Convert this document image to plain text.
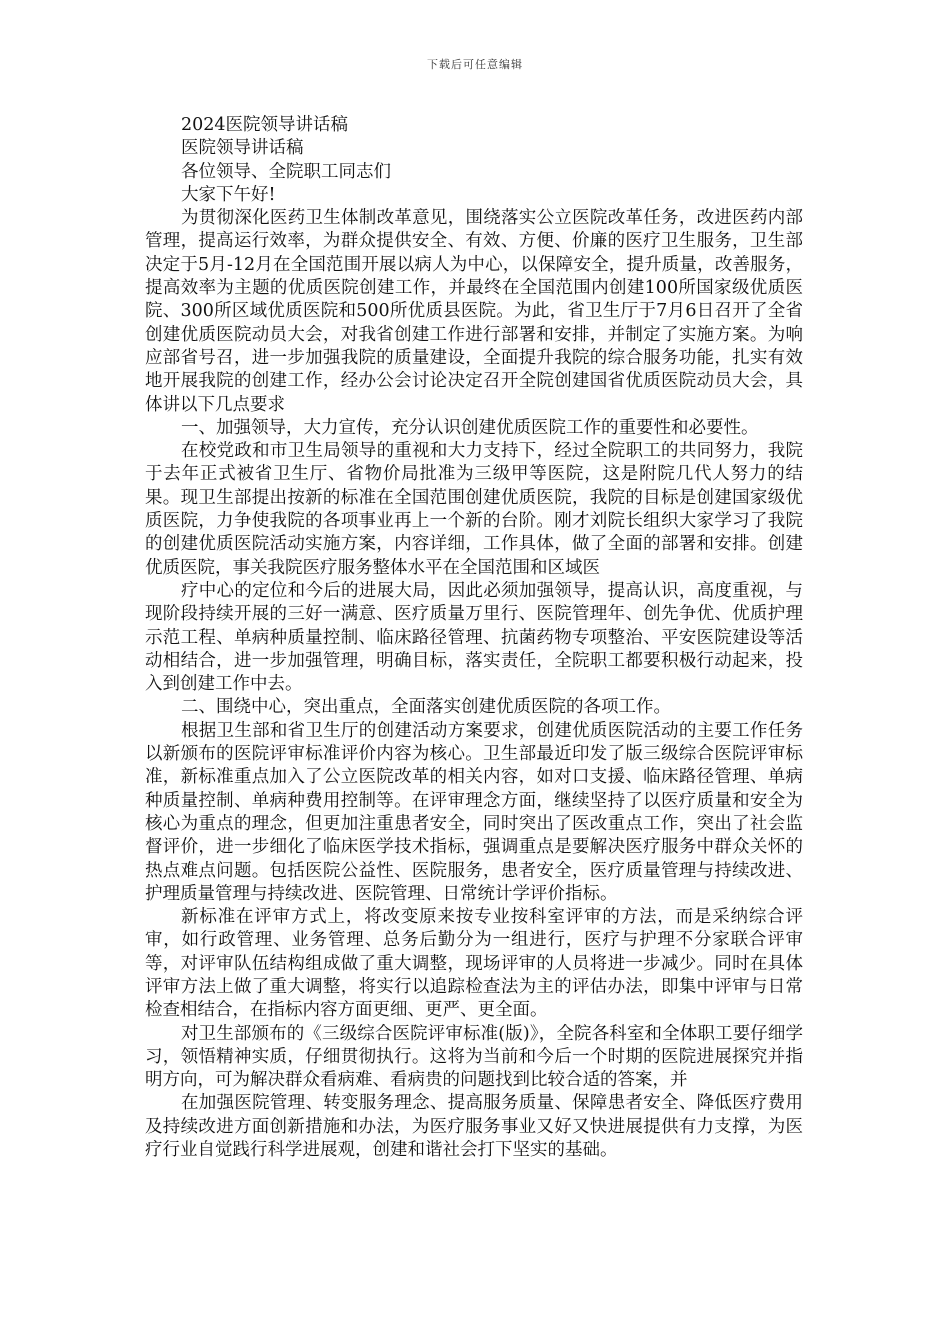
下载后可任意编辑
2024医院领导讲话稿
医院领导讲话稿
各位领导、全院职工同志们
大家下午好!

为贯彻深化医药卫生体制改革意见，围绕落实公立医院改革任务，改进医药内部管理，提高运行效率，为群众提供安全、有效、方便、价廉的医疗卫生服务，卫生部决定于5月-12月在全国范围开展以病人为中心，以保障安全，提升质量，改善服务，提高效率为主题的优质医院创建工作，并最终在全国范围内创建100所国家级优质医院、300所区域优质医院和500所优质县医院。为此，省卫生厅于7月6日召开了全省创建优质医院动员大会，对我省创建工作进行部署和安排，并制定了实施方案。为响应部省号召，进一步加强我院的质量建设，全面提升我院的综合服务功能，扎实有效地开展我院的创建工作，经办公会讨论决定召开全院创建国省优质医院动员大会，具体讲以下几点要求

一、加强领导，大力宣传，充分认识创建优质医院工作的重要性和必要性。

在校党政和市卫生局领导的重视和大力支持下，经过全院职工的共同努力，我院于去年正式被省卫生厅、省物价局批准为三级甲等医院，这是附院几代人努力的结果。现卫生部提出按新的标准在全国范围创建优质医院，我院的目标是创建国家级优质医院，力争使我院的各项事业再上一个新的台阶。刚才刘院长组织大家学习了我院的创建优质医院活动实施方案，内容详细，工作具体，做了全面的部署和安排。创建优质医院，事关我院医疗服务整体水平在全国范围和区域医

疗中心的定位和今后的进展大局，因此必须加强领导，提高认识，高度重视，与现阶段持续开展的三好一满意、医疗质量万里行、医院管理年、创先争优、优质护理示范工程、单病种质量控制、临床路径管理、抗菌药物专项整治、平安医院建设等活动相结合，进一步加强管理，明确目标，落实责任，全院职工都要积极行动起来，投入到创建工作中去。

二、围绕中心，突出重点，全面落实创建优质医院的各项工作。

根据卫生部和省卫生厅的创建活动方案要求，创建优质医院活动的主要工作任务以新颁布的医院评审标准评价内容为核心。卫生部最近印发了版三级综合医院评审标准，新标准重点加入了公立医院改革的相关内容，如对口支援、临床路径管理、单病种质量控制、单病种费用控制等。在评审理念方面，继续坚持了以医疗质量和安全为核心为重点的理念，但更加注重患者安全，同时突出了医改重点工作，突出了社会监督评价，进一步细化了临床医学技术指标，强调重点是要解决医疗服务中群众关怀的热点难点问题。包括医院公益性、医院服务，患者安全，医疗质量管理与持续改进、护理质量管理与持续改进、医院管理、日常统计学评价指标。

新标准在评审方式上，将改变原来按专业按科室评审的方法，而是采纳综合评审，如行政管理、业务管理、总务后勤分为一组进行，医疗与护理不分家联合评审等，对评审队伍结构组成做了重大调整，现场评审的人员将进一步减少。同时在具体评审方法上做了重大调整，将实行以追踪检查法为主的评估办法，即集中评审与日常检查相结合，在指标内容方面更细、更严、更全面。

对卫生部颁布的《三级综合医院评审标准(版)》，全院各科室和全体职工要仔细学习，领悟精神实质，仔细贯彻执行。这将为当前和今后一个时期的医院进展探究并指明方向，可为解决群众看病难、看病贵的问题找到比较合适的答案，并

在加强医院管理、转变服务理念、提高服务质量、保障患者安全、降低医疗费用及持续改进方面创新措施和办法，为医疗服务事业又好又快进展提供有力支撑，为医疗行业自觉践行科学进展观，创建和谐社会打下坚实的基础。
